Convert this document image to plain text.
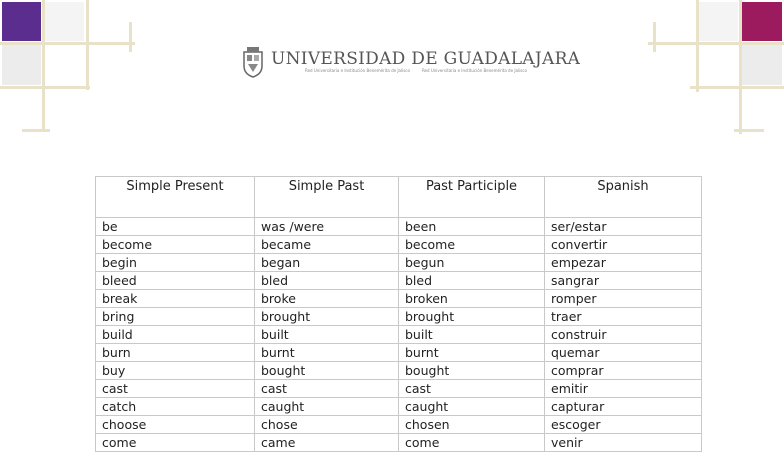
UNIVERSIDAD DE GUADALAJARA
Red Universitaria e Institución Benemérita de Jalisco	Red Universitaria e Institución Benemérita de Jalisco
Simple Present	Simple Past	Past Participle	Spanish
be	was /were	been	ser/estar
become	became	become	convertir
begin	began	begun	empezar
bleed	bled	bled	sangrar
break	broke	broken	romper
bring	brought	brought	traer
build	built	built	construir
burn	burnt	burnt	quemar
buy	bought	bought	comprar
cast	cast	cast	emitir
catch	caught	caught	capturar
choose	chose	chosen	escoger
come	came	come	venir
